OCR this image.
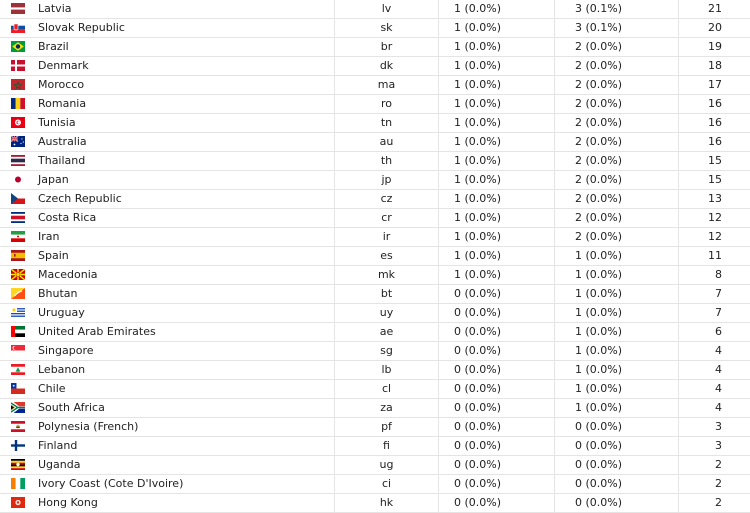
Latvia	lv	1 (0.0%)	3 (0.1%)	21
Slovak Republic	sk	1 (0.0%)	3 (0.1%)	20
Brazil	br	1 (0.0%)	2 (0.0%)	19
Denmark	dk	1 (0.0%)	2 (0.0%)	18
Morocco	ma	1 (0.0%)	2 (0.0%)	17
Romania	ro	1 (0.0%)	2 (0.0%)	16
Tunisia	tn	1 (0.0%)	2 (0.0%)	16
Australia	au	1 (0.0%)	2 (0.0%)	16
Thailand	th	1 (0.0%)	2 (0.0%)	15
Japan	jp	1 (0.0%)	2 (0.0%)	15
Czech Republic	cz	1 (0.0%)	2 (0.0%)	13
Costa Rica	cr	1 (0.0%)	2 (0.0%)	12
Iran	ir	1 (0.0%)	2 (0.0%)	12
Spain	es	1 (0.0%)	1 (0.0%)	11
Macedonia	mk	1 (0.0%)	1 (0.0%)	8
Bhutan	bt	0 (0.0%)	1 (0.0%)	7
Uruguay	uy	0 (0.0%)	1 (0.0%)	7
United Arab Emirates	ae	0 (0.0%)	1 (0.0%)	6
Singapore	sg	0 (0.0%)	1 (0.0%)	4
Lebanon	lb	0 (0.0%)	1 (0.0%)	4
Chile	cl	0 (0.0%)	1 (0.0%)	4
South Africa	za	0 (0.0%)	1 (0.0%)	4
Polynesia (French)	pf	0 (0.0%)	0 (0.0%)	3
Finland	fi	0 (0.0%)	0 (0.0%)	3
Uganda	ug	0 (0.0%)	0 (0.0%)	2
Ivory Coast (Cote D'Ivoire)	ci	0 (0.0%)	0 (0.0%)	2
Hong Kong	hk	0 (0.0%)	0 (0.0%)	2
